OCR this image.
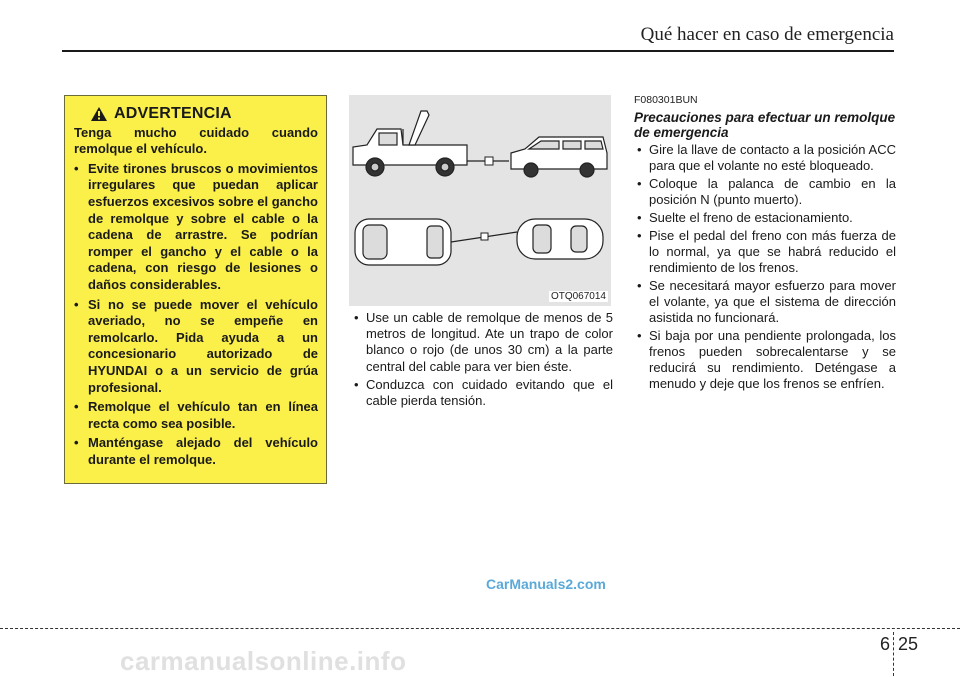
Qué hacer en caso de emergencia
ADVERTENCIA
Tenga mucho cuidado cuando remolque el vehículo.
• Evite tirones bruscos o movimientos irregulares que puedan aplicar esfuerzos excesivos sobre el gancho de remolque y sobre el cable o la cadena de arrastre. Se podrían romper el gancho y el cable o la cadena, con riesgo de lesiones o daños considerables.
• Si no se puede mover el vehículo averiado, no se empeñe en remolcarlo. Pida ayuda a un concesionario autorizado de HYUNDAI o a un servicio de grúa profesional.
• Remolque el vehículo tan en línea recta como sea posible.
• Manténgase alejado del vehículo durante el remolque.
OTQ067014
• Use un cable de remolque de menos de 5 metros de longitud. Ate un trapo de color blanco o rojo (de unos 30 cm) a la parte central del cable para ver bien éste.
• Conduzca con cuidado evitando que el cable pierda tensión.
F080301BUN
Precauciones para efectuar un remolque de emergencia
• Gire la llave de contacto a la posición ACC para que el volante no esté bloqueado.
• Coloque la palanca de cambio en la posición N (punto muerto).
• Suelte el freno de estacionamiento.
• Pise el pedal del freno con más fuerza de lo normal, ya que se habrá reducido el rendimiento de los frenos.
• Se necesitará mayor esfuerzo para mover el volante, ya que el sistema de dirección asistida no funcionará.
• Si baja por una pendiente prolongada, los frenos pueden sobrecalentarse y se reducirá su rendimiento. Deténgase a menudo y deje que los frenos se enfríen.
CarManuals2.com
6 25
carmanualsonline.info
